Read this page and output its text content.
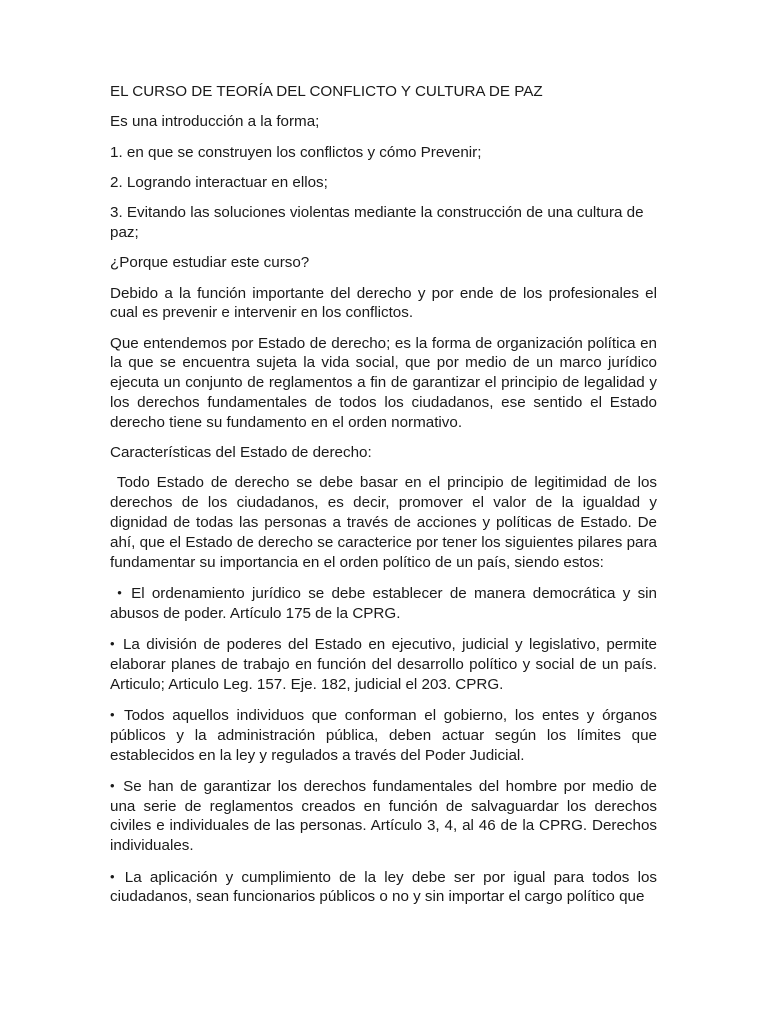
EL CURSO DE TEORÍA DEL CONFLICTO Y CULTURA DE PAZ

Es una introducción a la forma;

1. en que se construyen los conflictos y cómo Prevenir;

2. Logrando interactuar en ellos;

3. Evitando las soluciones violentas mediante la construcción de una cultura de paz;

¿Porque estudiar este curso?

Debido a la función importante del derecho y por ende de los profesionales el cual es prevenir e intervenir en los conflictos.

Que entendemos por Estado de derecho; es la forma de organización política en la que se encuentra sujeta la vida social, que por medio de un marco jurídico ejecuta un conjunto de reglamentos a fin de garantizar el principio de legalidad y los derechos fundamentales de todos los ciudadanos, ese sentido el Estado derecho tiene su fundamento en el orden normativo.

Características del Estado de derecho:

Todo Estado de derecho se debe basar en el principio de legitimidad de los derechos de los ciudadanos, es decir, promover el valor de la igualdad y dignidad de todas las personas a través de acciones y políticas de Estado. De ahí, que el Estado de derecho se caracterice por tener los siguientes pilares para fundamentar su importancia en el orden político de un país, siendo estos:

• El ordenamiento jurídico se debe establecer de manera democrática y sin abusos de poder. Artículo 175 de la CPRG.

• La división de poderes del Estado en ejecutivo, judicial y legislativo, permite elaborar planes de trabajo en función del desarrollo político y social de un país. Articulo; Articulo Leg. 157. Eje. 182, judicial el 203. CPRG.

• Todos aquellos individuos que conforman el gobierno, los entes y órganos públicos y la administración pública, deben actuar según los límites que establecidos en la ley y regulados a través del Poder Judicial.

• Se han de garantizar los derechos fundamentales del hombre por medio de una serie de reglamentos creados en función de salvaguardar los derechos civiles e individuales de las personas. Artículo 3, 4, al 46 de la CPRG. Derechos individuales.

• La aplicación y cumplimiento de la ley debe ser por igual para todos los ciudadanos, sean funcionarios públicos o no y sin importar el cargo político que
